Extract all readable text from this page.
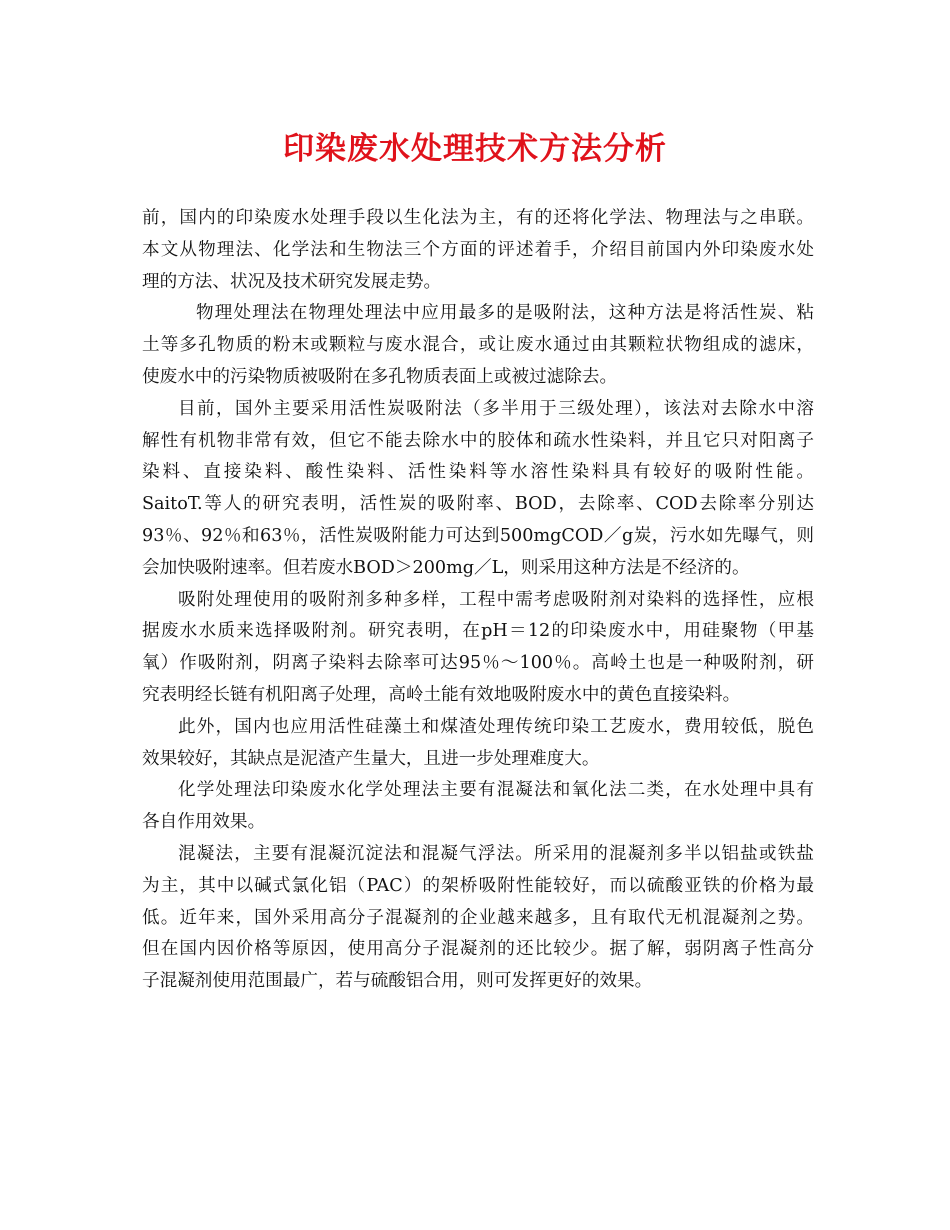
印染废水处理技术方法分析
前，国内的印染废水处理手段以生化法为主，有的还将化学法、物理法与之串联。
本文从物理法、化学法和生物法三个方面的评述着手，介绍目前国内外印染废水处
理的方法、状况及技术研究发展走势。
物理处理法在物理处理法中应用最多的是吸附法，这种方法是将活性炭、粘
土等多孔物质的粉末或颗粒与废水混合，或让废水通过由其颗粒状物组成的滤床，
使废水中的污染物质被吸附在多孔物质表面上或被过滤除去。
目前，国外主要采用活性炭吸附法（多半用于三级处理），该法对去除水中溶
解性有机物非常有效，但它不能去除水中的胶体和疏水性染料，并且它只对阳离子
染料、直接染料、酸性染料、活性染料等水溶性染料具有较好的吸附性能。
SaitoT.等人的研究表明，活性炭的吸附率、BOD，去除率、COD去除率分别达
93％、92％和63％，活性炭吸附能力可达到500mgCOD／g炭，污水如先曝气，则
会加快吸附速率。但若废水BOD＞200mg／L，则采用这种方法是不经济的。
吸附处理使用的吸附剂多种多样，工程中需考虑吸附剂对染料的选择性，应根
据废水水质来选择吸附剂。研究表明，在pH＝12的印染废水中，用硅聚物（甲基
氧）作吸附剂，阴离子染料去除率可达95％～100％。高岭土也是一种吸附剂，研
究表明经长链有机阳离子处理，高岭土能有效地吸附废水中的黄色直接染料。
此外，国内也应用活性硅藻土和煤渣处理传统印染工艺废水，费用较低，脱色
效果较好，其缺点是泥渣产生量大，且进一步处理难度大。
化学处理法印染废水化学处理法主要有混凝法和氧化法二类，在水处理中具有
各自作用效果。
混凝法，主要有混凝沉淀法和混凝气浮法。所采用的混凝剂多半以铝盐或铁盐
为主，其中以碱式氯化铝（PAC）的架桥吸附性能较好，而以硫酸亚铁的价格为最
低。近年来，国外采用高分子混凝剂的企业越来越多，且有取代无机混凝剂之势。
但在国内因价格等原因，使用高分子混凝剂的还比较少。据了解，弱阴离子性高分
子混凝剂使用范围最广，若与硫酸铝合用，则可发挥更好的效果。
